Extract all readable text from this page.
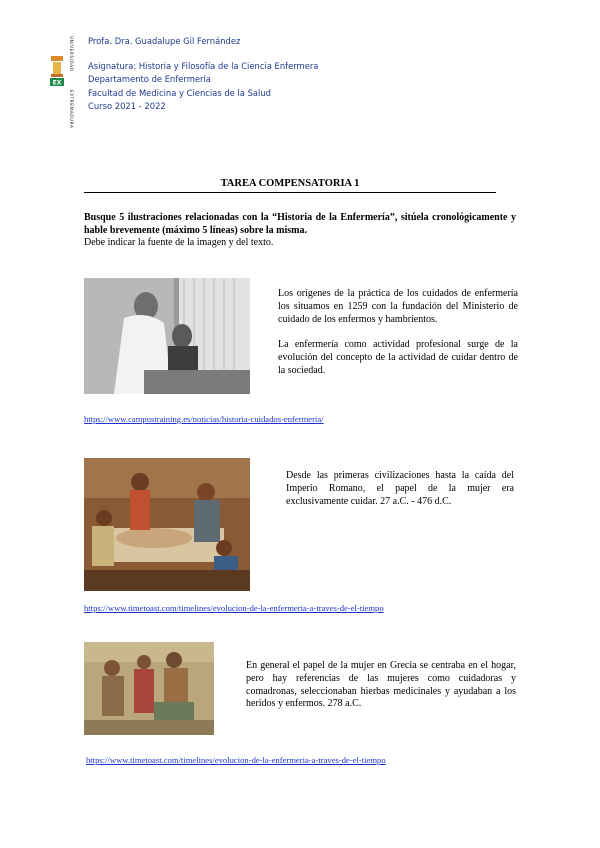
UNIVERSIDAD
EXTREMADURA
EX
Profa. Dra. Guadalupe Gil Fernández
Asignatura: Historia y Filosofía de la Ciencia Enfermera
Departamento de Enfermería
Facultad de Medicina y Ciencias de la Salud
Curso 2021 - 2022
TAREA COMPENSATORIA 1
Busque 5 ilustraciones relacionadas con la “Historia de la Enfermería”, sitúela cronológicamente y hable brevemente (máximo 5 líneas) sobre la misma.
Debe indicar la fuente de la imagen y del texto.

Los orígenes de la práctica de los cuidados de enfermería los situamos en 1259 con la fundación del Ministerio de cuidado de los enfermos y hambrientos.

La enfermería como actividad profesional surge de la evolución del concepto de la actividad de cuidar dentro de la sociedad.

https://www.campustraining.es/noticias/historia-cuidados-enfermeria/

Desde las primeras civilizaciones hasta la caída del Imperio Romano, el papel de la mujer era exclusivamente cuidar. 27 a.C. - 476 d.C.

https://www.timetoast.com/timelines/evolucion-de-la-enfermeria-a-traves-de-el-tiempo

En general el papel de la mujer en Grecia se centraba en el hogar, pero hay referencias de las mujeres como cuidadoras y comadronas, seleccionaban hierbas medicinales y ayudaban a los heridos y enfermos. 278 a.C.

https://www.timetoast.com/timelines/evolucion-de-la-enfermeria-a-traves-de-el-tiempo
